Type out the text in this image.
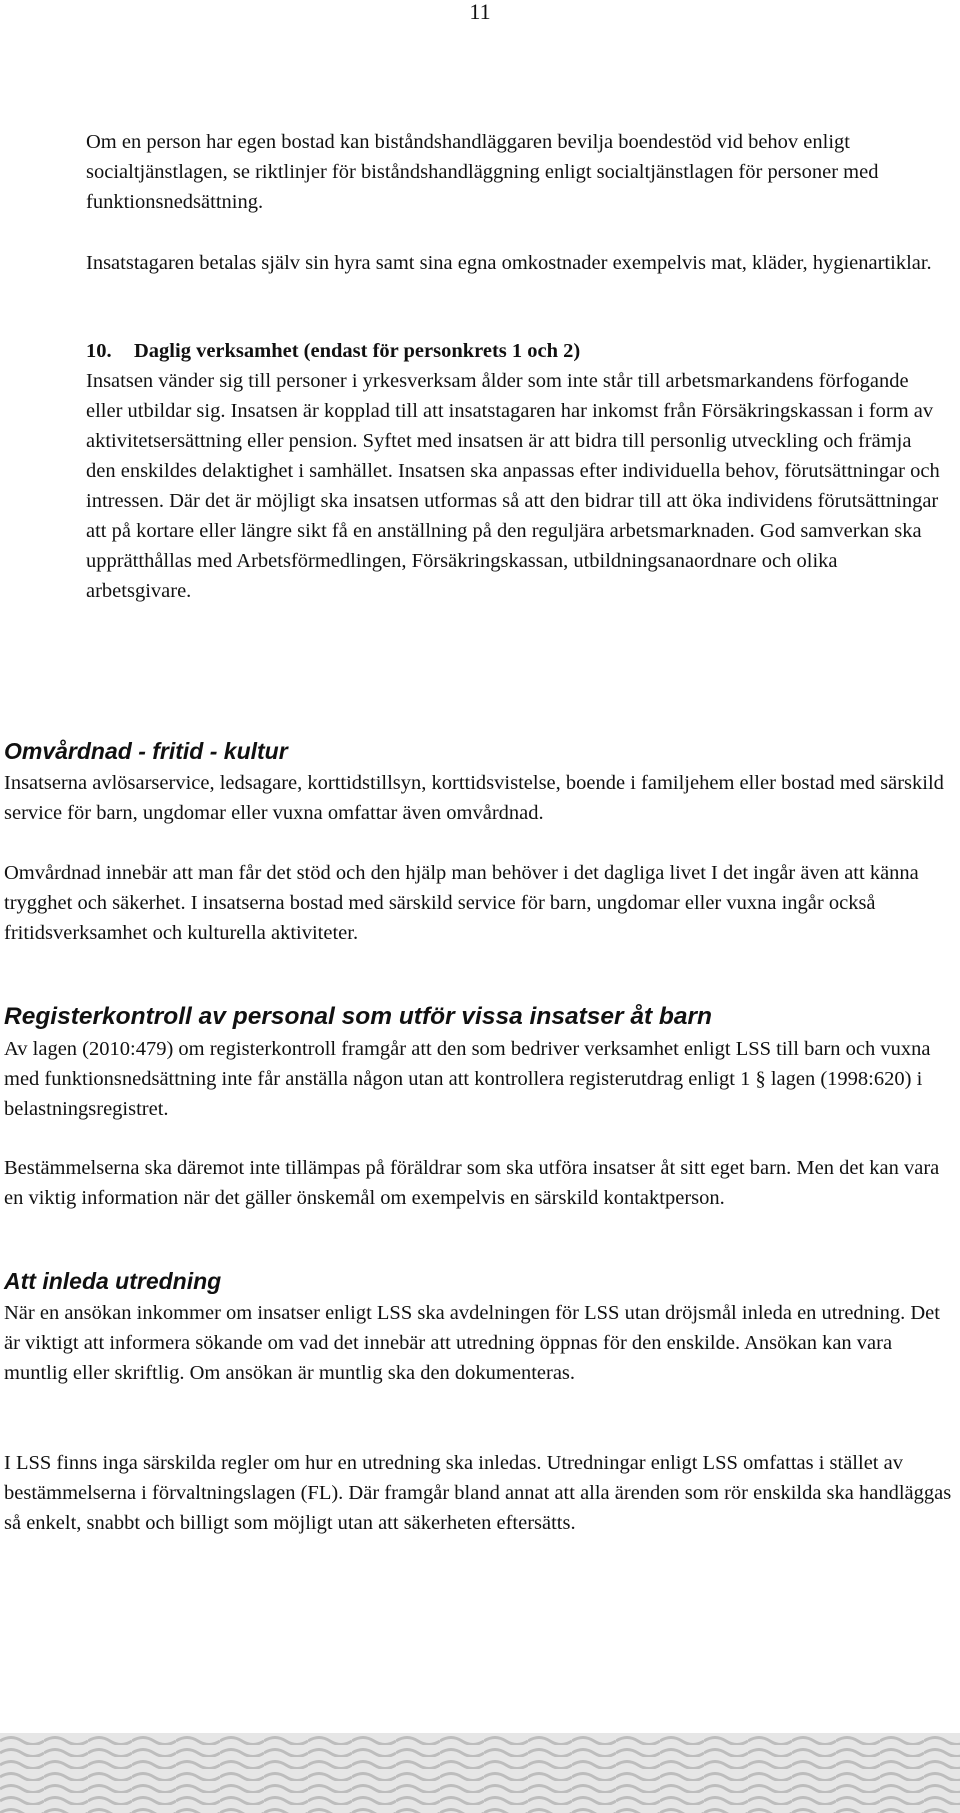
11

Om en person har egen bostad kan biståndshandläggaren bevilja boendestöd vid behov enligt socialtjänstlagen, se riktlinjer för biståndshandläggning enligt socialtjänstlagen för personer med funktionsnedsättning.

Insatstagaren betalas själv sin hyra samt sina egna omkostnader exempelvis mat, kläder, hygienartiklar.

10. Daglig verksamhet (endast för personkrets 1 och 2)

Insatsen vänder sig till personer i yrkesverksam ålder som inte står till arbetsmarkandens förfogande eller utbildar sig. Insatsen är kopplad till att insatstagaren har inkomst från Försäkringskassan i form av aktivitetsersättning eller pension. Syftet med insatsen är att bidra till personlig utveckling och främja den enskildes delaktighet i samhället. Insatsen ska anpassas efter individuella behov, förutsättningar och intressen. Där det är möjligt ska insatsen utformas så att den bidrar till att öka individens förutsättningar att på kortare eller längre sikt få en anställning på den reguljära arbetsmarknaden. God samverkan ska upprätthållas med Arbetsförmedlingen, Försäkringskassan, utbildningsanaordnare och olika arbetsgivare.

Omvårdnad - fritid - kultur

Insatserna avlösarservice, ledsagare, korttidstillsyn, korttidsvistelse, boende i familjehem eller bostad med särskild service för barn, ungdomar eller vuxna omfattar även omvårdnad.

Omvårdnad innebär att man får det stöd och den hjälp man behöver i det dagliga livet I det ingår även att känna trygghet och säkerhet. I insatserna bostad med särskild service för barn, ungdomar eller vuxna ingår också fritidsverksamhet och kulturella aktiviteter.

Registerkontroll av personal som utför vissa insatser åt barn

Av lagen (2010:479) om registerkontroll framgår att den som bedriver verksamhet enligt LSS till barn och vuxna med funktionsnedsättning inte får anställa någon utan att kontrollera registerutdrag enligt 1 § lagen (1998:620) i belastningsregistret.

Bestämmelserna ska däremot inte tillämpas på föräldrar som ska utföra insatser åt sitt eget barn. Men det kan vara en viktig information när det gäller önskemål om exempelvis en särskild kontaktperson.

Att inleda utredning

När en ansökan inkommer om insatser enligt LSS ska avdelningen för LSS utan dröjsmål inleda en utredning. Det är viktigt att informera sökande om vad det innebär att utredning öppnas för den enskilde. Ansökan kan vara muntlig eller skriftlig. Om ansökan är muntlig ska den dokumenteras.

I LSS finns inga särskilda regler om hur en utredning ska inledas. Utredningar enligt LSS omfattas i stället av bestämmelserna i förvaltningslagen (FL). Där framgår bland annat att alla ärenden som rör enskilda ska handläggas så enkelt, snabbt och billigt som möjligt utan att säkerheten eftersätts.
